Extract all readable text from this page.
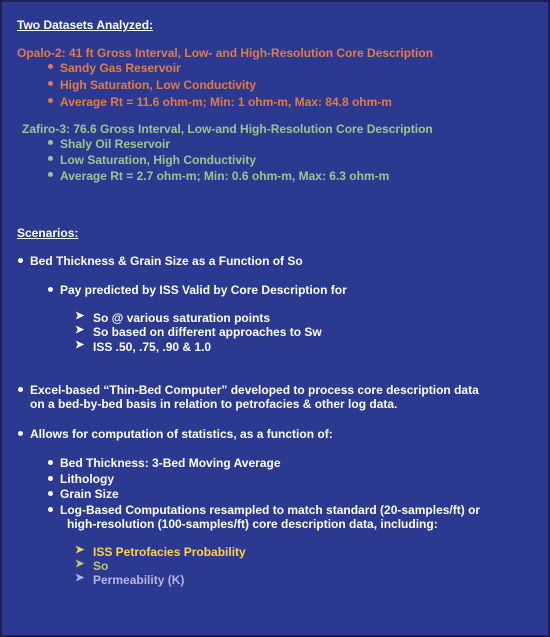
Two Datasets Analyzed:
Opalo-2: 41 ft Gross Interval, Low- and High-Resolution Core Description
Sandy Gas Reservoir
High Saturation, Low Conductivity
Average Rt = 11.6 ohm-m; Min: 1 ohm-m, Max: 84.8 ohm-m
Zafiro-3: 76.6 Gross Interval, Low-and High-Resolution Core Description
Shaly Oil Reservoir
Low Saturation, High Conductivity
Average Rt = 2.7 ohm-m; Min: 0.6 ohm-m, Max: 6.3 ohm-m
Scenarios:
Bed Thickness & Grain Size as a Function of So
Pay predicted by ISS Valid by Core Description for
➤ So @ various saturation points
➤ So based on different approaches to Sw
➤ ISS .50, .75, .90 & 1.0
Excel-based “Thin-Bed Computer” developed to process core description data
on a bed-by-bed basis in relation to petrofacies & other log data.
Allows for computation of statistics, as a function of:
Bed Thickness: 3-Bed Moving Average
Lithology
Grain Size
Log-Based Computations resampled to match standard (20-samples/ft) or
high-resolution (100-samples/ft) core description data, including:
➤ ISS Petrofacies Probability
➤ So
➤ Permeability (K)
